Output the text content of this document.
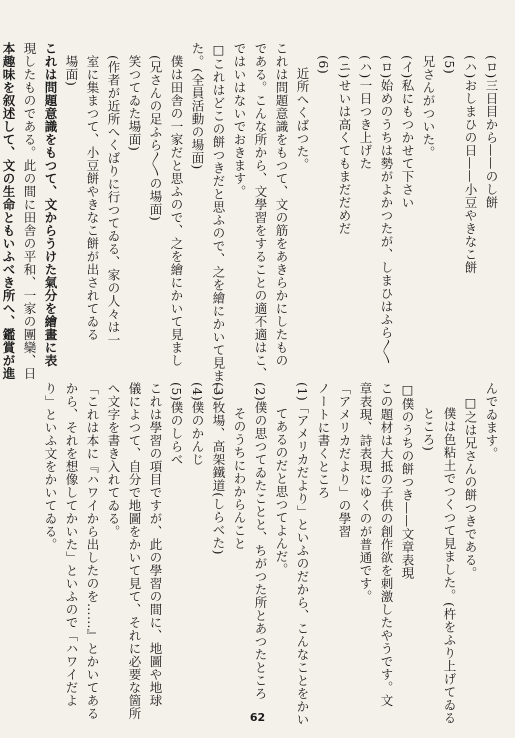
(ロ)三日目から——のし餅
(ハ)おしまひの日——小豆やきなこ餅
(5)
兄さんがついた。
(イ)私にもつかせて下さい
(ロ)始めのうちは勢がよかつたが、しまひはふら〳〵
(ハ)一日つき上げた
(ニ)せいは高くてもまだだめだ
(6)
近所へくばつた。
これは問題意識をもつて、文の筋をあきらかにしたもの
である。こんな所から、文學習をすることの適不適はこ、
ではいはないでおきます。
□これはどこの餅つきだと思ふので、之を繪にかいて見まし
た。(全員活動の場面)
僕は田舎の一家だと思ふので、之を繪にかいて見まし
(兄さんの足ふら〳〵の場面)
笑つてゐた場面)
(作者が近所へくばりに行つてゐる、家の人々は一
室に集まつて、小豆餅やきなこ餅が出されてゐる
場面)
これは問題意識をもつて、文からうけた氣分を繪畫に表
現したものである。此の間に田舎の平和、一家の團欒、日
本趣味を叙述して、文の生命ともいふべき所へ、鑑賞が進
んでゐます。
□之は兄さんの餅つきである。
僕は色粘土でつくつて見ました。(杵をふり上げてゐる
ところ)
□僕のうちの餅つき——文章表現
この題材は大抵の子供の創作欲を刺激したやうです。文
章表現、詩表現にゆくのが普通です。
「アメリカだより」の學習
ノートに書くところ
(1)「アメリカだより」といふのだから、こんなことをかい
てあるのだと思つてよんだ。
(2)僕の思つてゐたことと、ちがつた所とあつたところ
そのうちにわからんこと
(3)牧場、高架鐵道(しらべた)
(4)僕のかんじ
(5)僕のしらべ
これは學習の項目ですが、此の學習の間に、地圖や地球
儀によつて、自分で地圖をかいて見て、それに必要な箇所
へ文字を書き入れてゐる。
「これは本に『ハワイから出したのを……』とかいてある
から、それを想像してかいた」といふので「ハワイだよ
り」といふ文をかいてゐる。
62
